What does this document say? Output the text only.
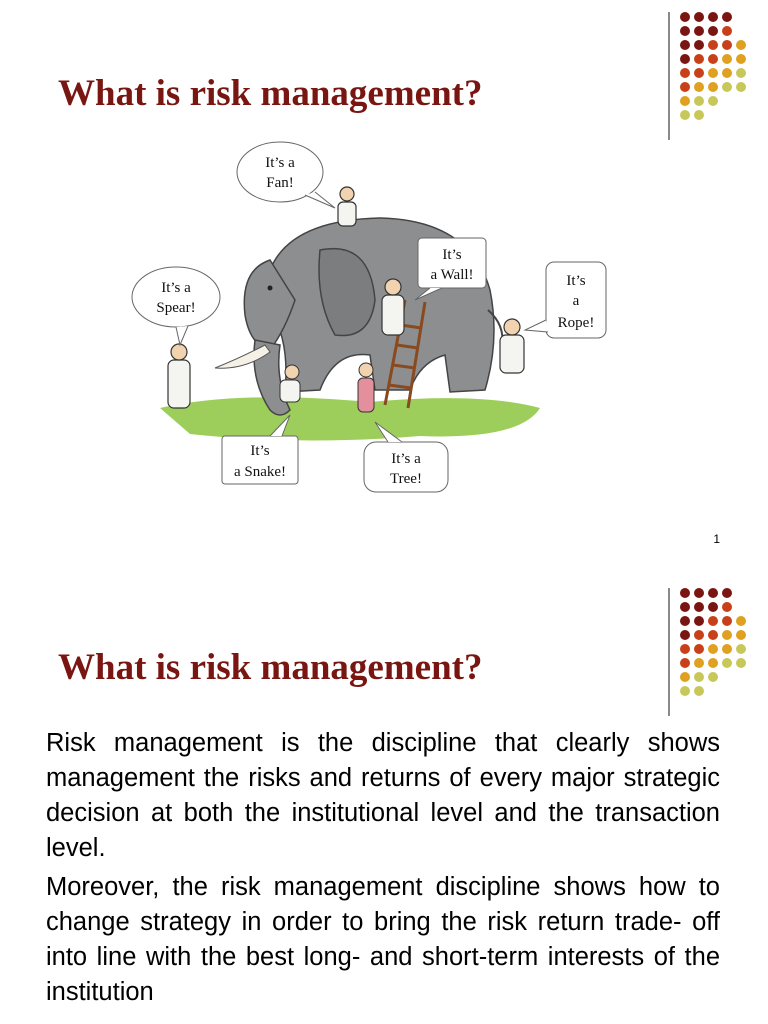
What is risk management?
It’s a
Fan!
It’s a
Spear!
It’s
a Wall!	It’s
a
Rope!
It’s
a Snake!
It’s a
Tree!
1
What is risk management?

Risk management is the discipline that clearly shows management the risks and returns of every major strategic decision at both the institutional level and the transaction level.

Moreover, the risk management discipline shows how to change strategy in order to bring the risk return trade- off into line with the best long- and short-term interests of the institution
